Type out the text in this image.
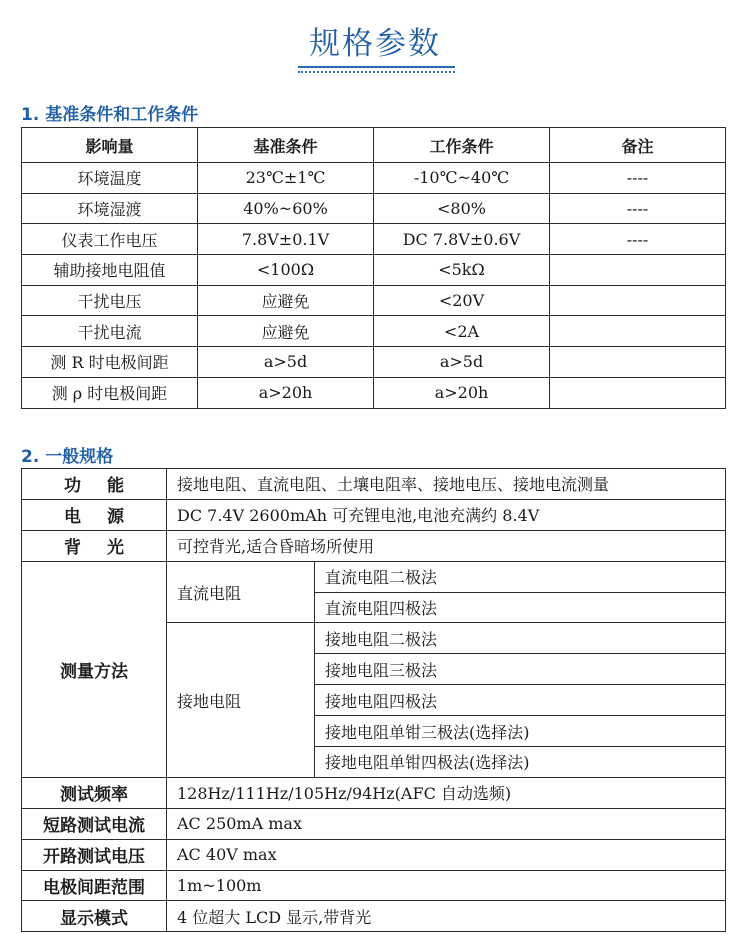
规格参数
1. 基准条件和工作条件
影响量	基准条件	工作条件	备注
环境温度	23℃±1℃	-10℃~40℃	----
环境湿渡	40%~60%	<80%	----
仪表工作电压	7.8V±0.1V	DC 7.8V±0.6V	----
辅助接地电阻值	<100Ω	<5kΩ	
干扰电压	应避免	<20V	
干扰电流	应避免	<2A	
测 R 时电极间距	a>5d	a>5d	
测 ρ 时电极间距	a>20h	a>20h	
2. 一般规格
功能	接地电阻、直流电阻、土壤电阻率、接地电压、接地电流测量	
电源	DC 7.4V 2600mAh 可充锂电池,电池充满约 8.4V	
背光	可控背光,适合昏暗场所使用	
测量方法	直流电阻	直流电阻二极法
		直流电阻四极法
	接地电阻	接地电阻二极法
		接地电阻三极法
		接地电阻四极法
		接地电阻单钳三极法(选择法)
		接地电阻单钳四极法(选择法)
测试频率	128Hz/111Hz/105Hz/94Hz(AFC 自动选频)	
短路测试电流	AC 250mA max	
开路测试电压	AC 40V max	
电极间距范围	1m~100m	
显示模式	4 位超大 LCD 显示,带背光	
